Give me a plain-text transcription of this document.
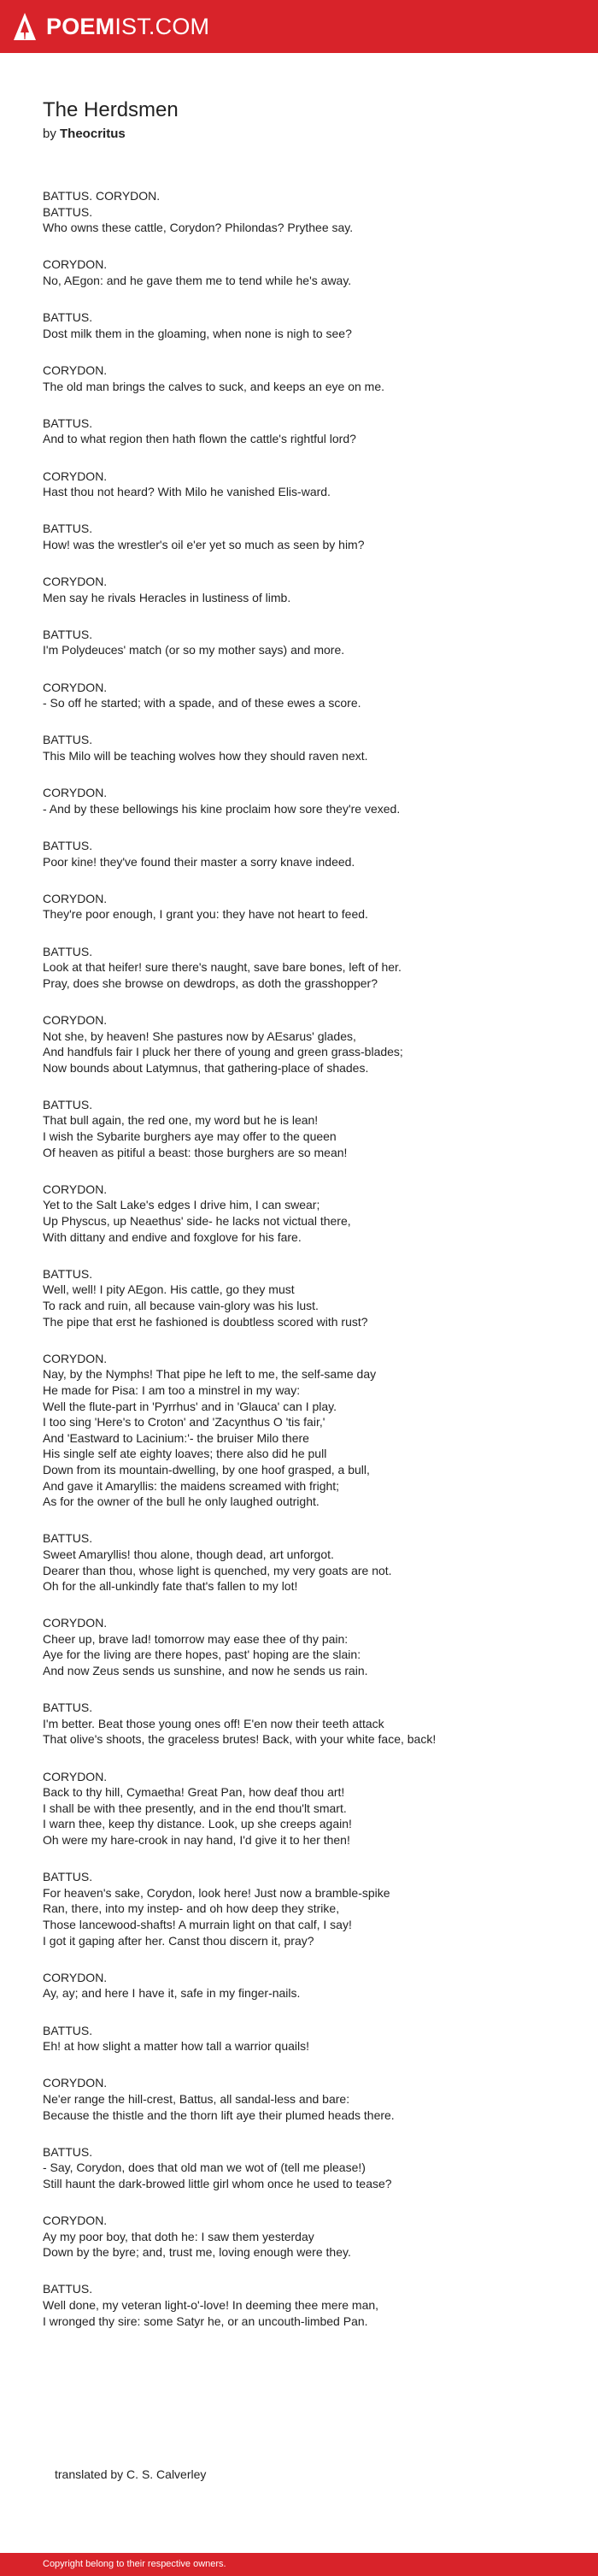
POEMIST.COM
The Herdsmen
by Theocritus

BATTUS. CORYDON.
BATTUS.
Who owns these cattle, Corydon? Philondas? Prythee say.

CORYDON.
No, AEgon: and he gave them me to tend while he's away.

BATTUS.
Dost milk them in the gloaming, when none is nigh to see?

CORYDON.
The old man brings the calves to suck, and keeps an eye on me.

BATTUS.
And to what region then hath flown the cattle's rightful lord?

CORYDON.
Hast thou not heard? With Milo he vanished Elis-ward.

BATTUS.
How! was the wrestler's oil e'er yet so much as seen by him?

CORYDON.
Men say he rivals Heracles in lustiness of limb.

BATTUS.
I'm Polydeuces' match (or so my mother says) and more.

CORYDON.
- So off he started; with a spade, and of these ewes a score.

BATTUS.
This Milo will be teaching wolves how they should raven next.

CORYDON.
- And by these bellowings his kine proclaim how sore they're vexed.

BATTUS.
Poor kine! they've found their master a sorry knave indeed.

CORYDON.
They're poor enough, I grant you: they have not heart to feed.

BATTUS.
Look at that heifer! sure there's naught, save bare bones, left of her.
Pray, does she browse on dewdrops, as doth the grasshopper?

CORYDON.
Not she, by heaven! She pastures now by AEsarus' glades,
And handfuls fair I pluck her there of young and green grass-blades;
Now bounds about Latymnus, that gathering-place of shades.

BATTUS.
That bull again, the red one, my word but he is lean!
I wish the Sybarite burghers aye may offer to the queen
Of heaven as pitiful a beast: those burghers are so mean!

CORYDON.
Yet to the Salt Lake's edges I drive him, I can swear;
Up Physcus, up Neaethus' side- he lacks not victual there,
With dittany and endive and foxglove for his fare.

BATTUS.
Well, well! I pity AEgon. His cattle, go they must
To rack and ruin, all because vain-glory was his lust.
The pipe that erst he fashioned is doubtless scored with rust?

CORYDON.
Nay, by the Nymphs! That pipe he left to me, the self-same day
He made for Pisa: I am too a minstrel in my way:
Well the flute-part in 'Pyrrhus' and in 'Glauca' can I play.
I too sing 'Here's to Croton' and 'Zacynthus O 'tis fair,'
And 'Eastward to Lacinium:'- the bruiser Milo there
His single self ate eighty loaves; there also did he pull
Down from its mountain-dwelling, by one hoof grasped, a bull,
And gave it Amaryllis: the maidens screamed with fright;
As for the owner of the bull he only laughed outright.

BATTUS.
Sweet Amaryllis! thou alone, though dead, art unforgot.
Dearer than thou, whose light is quenched, my very goats are not.
Oh for the all-unkindly fate that's fallen to my lot!

CORYDON.
Cheer up, brave lad! tomorrow may ease thee of thy pain:
Aye for the living are there hopes, past' hoping are the slain:
And now Zeus sends us sunshine, and now he sends us rain.

BATTUS.
I'm better. Beat those young ones off! E'en now their teeth attack
That olive's shoots, the graceless brutes! Back, with your white face, back!

CORYDON.
Back to thy hill, Cymaetha! Great Pan, how deaf thou art!
I shall be with thee presently, and in the end thou'lt smart.
I warn thee, keep thy distance. Look, up she creeps again!
Oh were my hare-crook in nay hand, I'd give it to her then!

BATTUS.
For heaven's sake, Corydon, look here! Just now a bramble-spike
Ran, there, into my instep- and oh how deep they strike,
Those lancewood-shafts! A murrain light on that calf, I say!
I got it gaping after her. Canst thou discern it, pray?

CORYDON.
Ay, ay; and here I have it, safe in my finger-nails.

BATTUS.
Eh! at how slight a matter how tall a warrior quails!

CORYDON.
Ne'er range the hill-crest, Battus, all sandal-less and bare:
Because the thistle and the thorn lift aye their plumed heads there.

BATTUS.
- Say, Corydon, does that old man we wot of (tell me please!)
Still haunt the dark-browed little girl whom once he used to tease?

CORYDON.
Ay my poor boy, that doth he: I saw them yesterday
Down by the byre; and, trust me, loving enough were they.

BATTUS.
Well done, my veteran light-o'-love! In deeming thee mere man,
I wronged thy sire: some Satyr he, or an uncouth-limbed Pan.

translated by C. S. Calverley
Copyright belong to their respective owners.
